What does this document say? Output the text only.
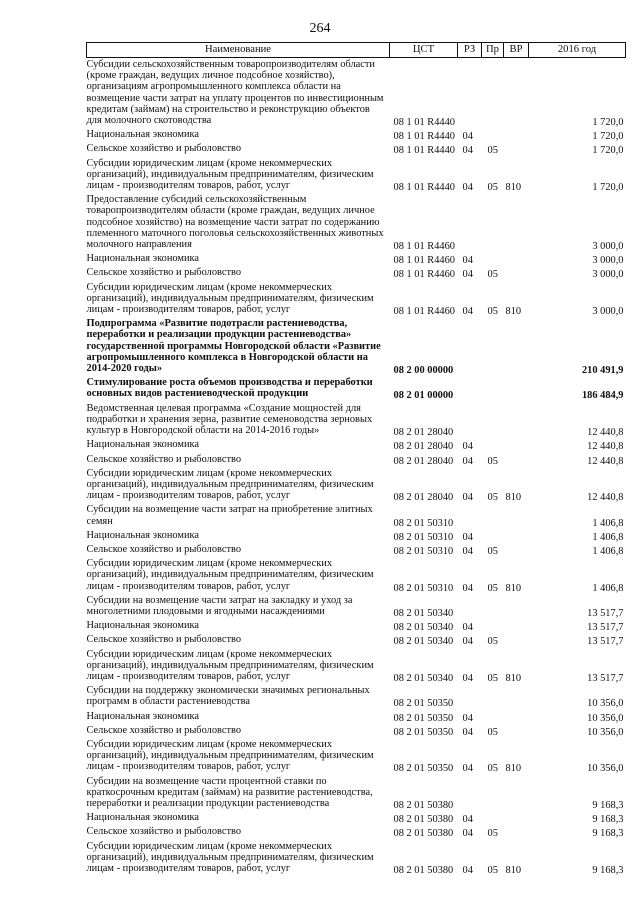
264
Наименование	ЦСТ	РЗ	Пр	ВР	2016 год
Субсидии сельскохозяйственным товаропроизводителям области (кроме граждан, ведущих личное подсобное хозяйство), организациям агропромышленного комплекса области на возмещение части затрат на уплату процентов по инвестиционным кредитам (займам) на строительство и реконструкцию объектов для молочного скотоводства	08 1 01 R4440				1 720,0
Национальная экономика	08 1 01 R4440	04			1 720,0
Сельское хозяйство и рыболовство	08 1 01 R4440	04	05		1 720,0
Субсидии юридическим лицам (кроме некоммерческих организаций), индивидуальным предпринимателям, физическим лицам - производителям товаров, работ, услуг	08 1 01 R4440	04	05	810	1 720,0
Предоставление субсидий сельскохозяйственным товаропроизводителям области (кроме граждан, ведущих личное подсобное хозяйство) на возмещение части затрат по содержанию племенного маточного поголовья сельскохозяйственных животных молочного направления	08 1 01 R4460				3 000,0
Национальная экономика	08 1 01 R4460	04			3 000,0
Сельское хозяйство и рыболовство	08 1 01 R4460	04	05		3 000,0
Субсидии юридическим лицам (кроме некоммерческих организаций), индивидуальным предпринимателям, физическим лицам - производителям товаров, работ, услуг	08 1 01 R4460	04	05	810	3 000,0
Подпрограмма «Развитие подотрасли растениеводства, переработки и реализации продукции растениеводства» государственной программы Новгородской области «Развитие агропромышленного комплекса в Новгородской области на 2014-2020 годы»	08 2 00 00000				210 491,9
Стимулирование роста объемов производства и переработки основных видов растениеводческой продукции	08 2 01 00000				186 484,9
Ведомственная целевая программа «Создание мощностей для подработки и хранения зерна, развитие семеноводства зерновых культур в Новгородской области на 2014-2016 годы»	08 2 01 28040				12 440,8
Национальная экономика	08 2 01 28040	04			12 440,8
Сельское хозяйство и рыболовство	08 2 01 28040	04	05		12 440,8
Субсидии юридическим лицам (кроме некоммерческих организаций), индивидуальным предпринимателям, физическим лицам - производителям товаров, работ, услуг	08 2 01 28040	04	05	810	12 440,8
Субсидии на возмещение части затрат на приобретение элитных семян	08 2 01 50310				1 406,8
Национальная экономика	08 2 01 50310	04			1 406,8
Сельское хозяйство и рыболовство	08 2 01 50310	04	05		1 406,8
Субсидии юридическим лицам (кроме некоммерческих организаций), индивидуальным предпринимателям, физическим лицам - производителям товаров, работ, услуг	08 2 01 50310	04	05	810	1 406,8
Субсидии на возмещение части затрат на закладку и уход за многолетними плодовыми и ягодными насаждениями	08 2 01 50340				13 517,7
Национальная экономика	08 2 01 50340	04			13 517,7
Сельское хозяйство и рыболовство	08 2 01 50340	04	05		13 517,7
Субсидии юридическим лицам (кроме некоммерческих организаций), индивидуальным предпринимателям, физическим лицам - производителям товаров, работ, услуг	08 2 01 50340	04	05	810	13 517,7
Субсидии на поддержку экономически значимых региональных программ в области растениеводства	08 2 01 50350				10 356,0
Национальная экономика	08 2 01 50350	04			10 356,0
Сельское хозяйство и рыболовство	08 2 01 50350	04	05		10 356,0
Субсидии юридическим лицам (кроме некоммерческих организаций), индивидуальным предпринимателям, физическим лицам - производителям товаров, работ, услуг	08 2 01 50350	04	05	810	10 356,0
Субсидии на возмещение части процентной ставки по краткосрочным кредитам (займам) на развитие растениеводства, переработки и реализации продукции растениеводства	08 2 01 50380				9 168,3
Национальная экономика	08 2 01 50380	04			9 168,3
Сельское хозяйство и рыболовство	08 2 01 50380	04	05		9 168,3
Субсидии юридическим лицам (кроме некоммерческих организаций), индивидуальным предпринимателям, физическим лицам - производителям товаров, работ, услуг	08 2 01 50380	04	05	810	9 168,3
